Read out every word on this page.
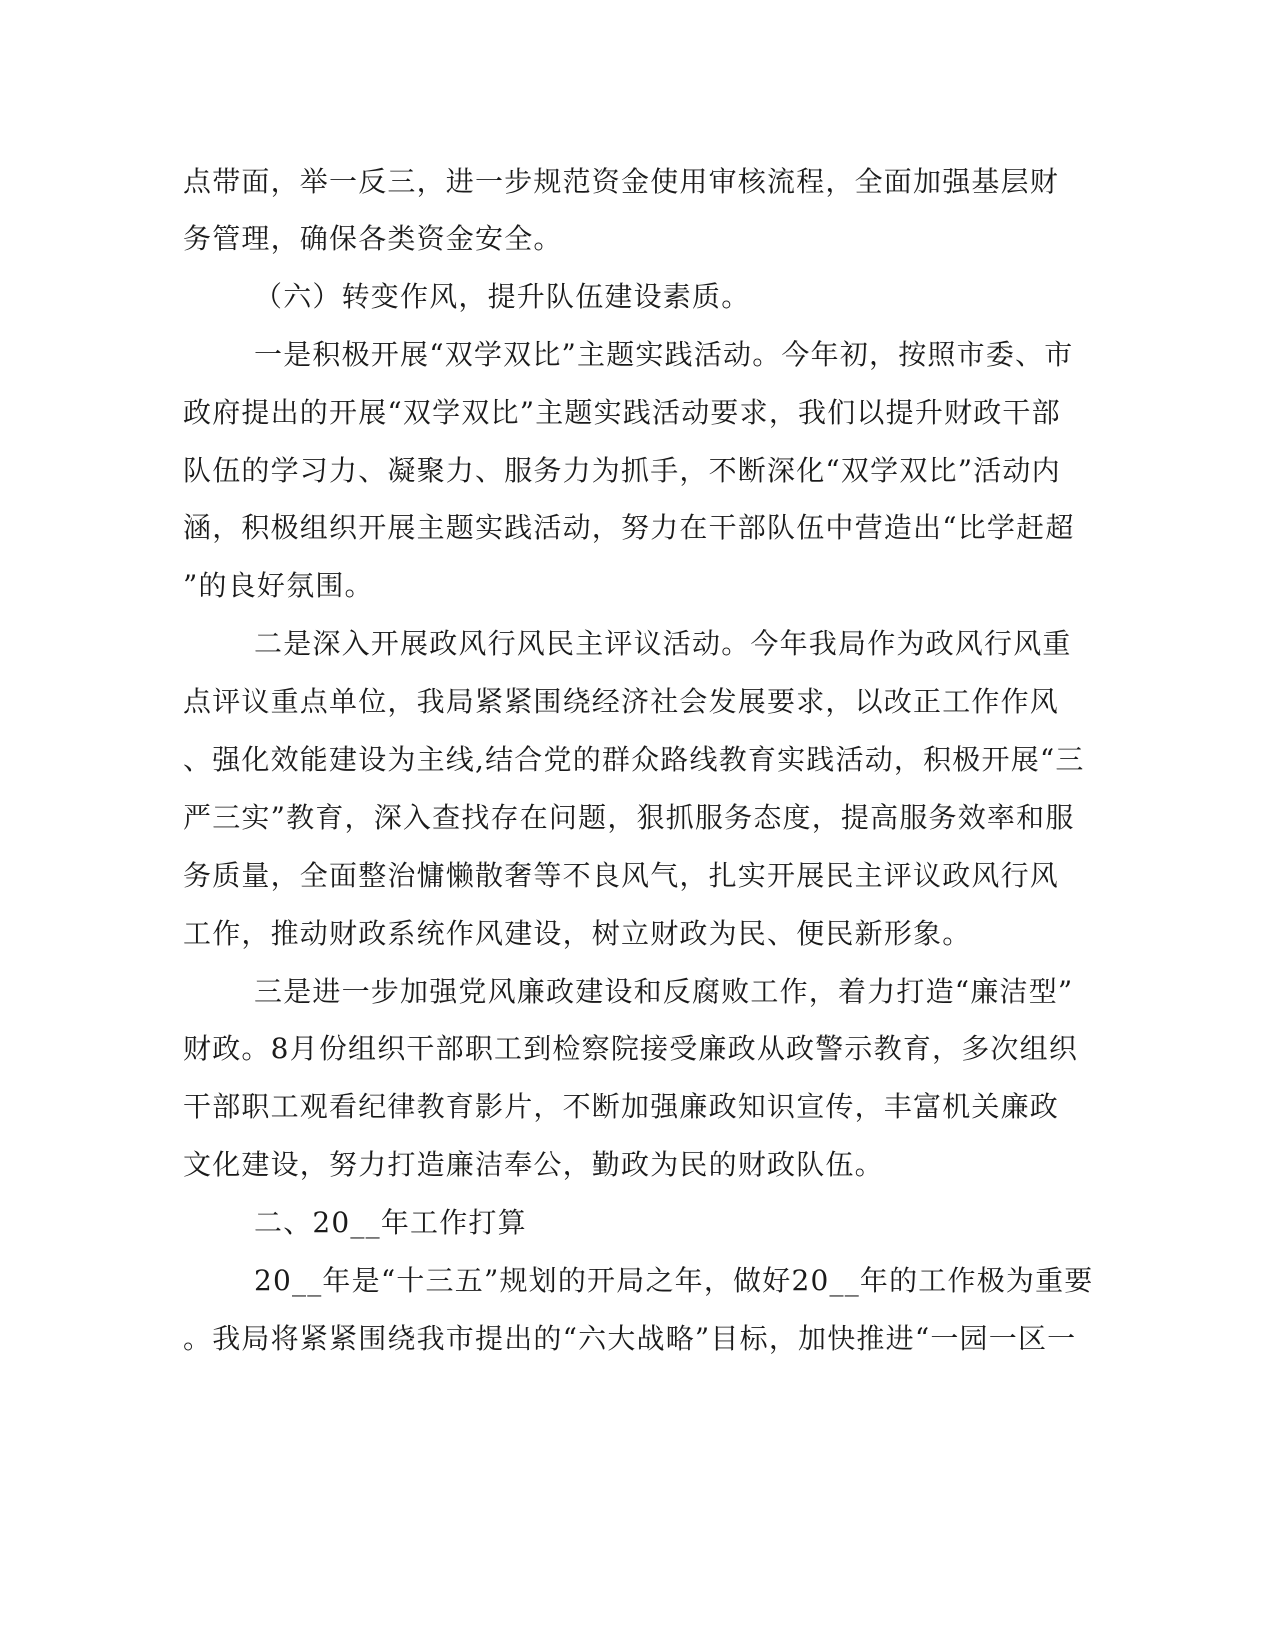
点带面，举一反三，进一步规范资金使用审核流程，全面加强基层财
务管理，确保各类资金安全。
（六）转变作风，提升队伍建设素质。
一是积极开展“双学双比”主题实践活动。今年初，按照市委、市
政府提出的开展“双学双比”主题实践活动要求，我们以提升财政干部
队伍的学习力、凝聚力、服务力为抓手，不断深化“双学双比”活动内
涵，积极组织开展主题实践活动，努力在干部队伍中营造出“比学赶超
”的良好氛围。
二是深入开展政风行风民主评议活动。今年我局作为政风行风重
点评议重点单位，我局紧紧围绕经济社会发展要求，以改正工作作风
、强化效能建设为主线,结合党的群众路线教育实践活动，积极开展“三
严三实”教育，深入查找存在问题，狠抓服务态度，提高服务效率和服
务质量，全面整治慵懒散奢等不良风气，扎实开展民主评议政风行风
工作，推动财政系统作风建设，树立财政为民、便民新形象。
三是进一步加强党风廉政建设和反腐败工作，着力打造“廉洁型”
财政。8月份组织干部职工到检察院接受廉政从政警示教育，多次组织
干部职工观看纪律教育影片，不断加强廉政知识宣传，丰富机关廉政
文化建设，努力打造廉洁奉公，勤政为民的财政队伍。
二、20__年工作打算
20__年是“十三五”规划的开局之年，做好20__年的工作极为重要
。我局将紧紧围绕我市提出的“六大战略”目标，加快推进“一园一区一
